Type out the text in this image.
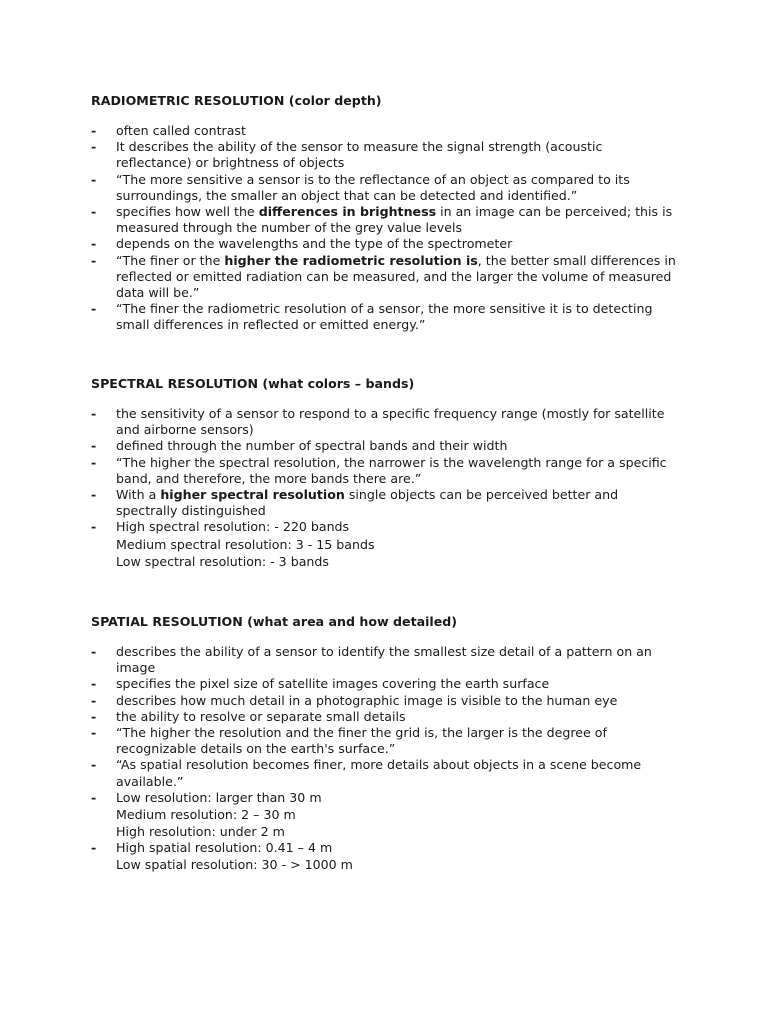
RADIOMETRIC RESOLUTION (color depth)
-	often called contrast
-	It describes the ability of the sensor to measure the signal strength (acoustic
reflectance) or brightness of objects
-	“The more sensitive a sensor is to the reflectance of an object as compared to its
surroundings, the smaller an object that can be detected and identified.”
-	specifies how well the differences in brightness in an image can be perceived; this is
measured through the number of the grey value levels
-	depends on the wavelengths and the type of the spectrometer
-	“The finer or the higher the radiometric resolution is, the better small differences in
reflected or emitted radiation can be measured, and the larger the volume of measured
data will be.”
-	“The finer the radiometric resolution of a sensor, the more sensitive it is to detecting
small differences in reflected or emitted energy.”
SPECTRAL RESOLUTION (what colors – bands)
-	the sensitivity of a sensor to respond to a specific frequency range (mostly for satellite
and airborne sensors)
-	defined through the number of spectral bands and their width
-	“The higher the spectral resolution, the narrower is the wavelength range for a specific
band, and therefore, the more bands there are.”
-	With a higher spectral resolution single objects can be perceived better and
spectrally distinguished
-	High spectral resolution: - 220 bands
Medium spectral resolution: 3 - 15 bands
Low spectral resolution: - 3 bands
SPATIAL RESOLUTION (what area and how detailed)
-	describes the ability of a sensor to identify the smallest size detail of a pattern on an
image
-	specifies the pixel size of satellite images covering the earth surface
-	describes how much detail in a photographic image is visible to the human eye
-	the ability to resolve or separate small details
-	“The higher the resolution and the finer the grid is, the larger is the degree of
recognizable details on the earth's surface.”
-	“As spatial resolution becomes finer, more details about objects in a scene become
available.”
-	Low resolution: larger than 30 m
Medium resolution: 2 – 30 m
High resolution: under 2 m
-	High spatial resolution: 0.41 – 4 m
Low spatial resolution: 30 - > 1000 m
